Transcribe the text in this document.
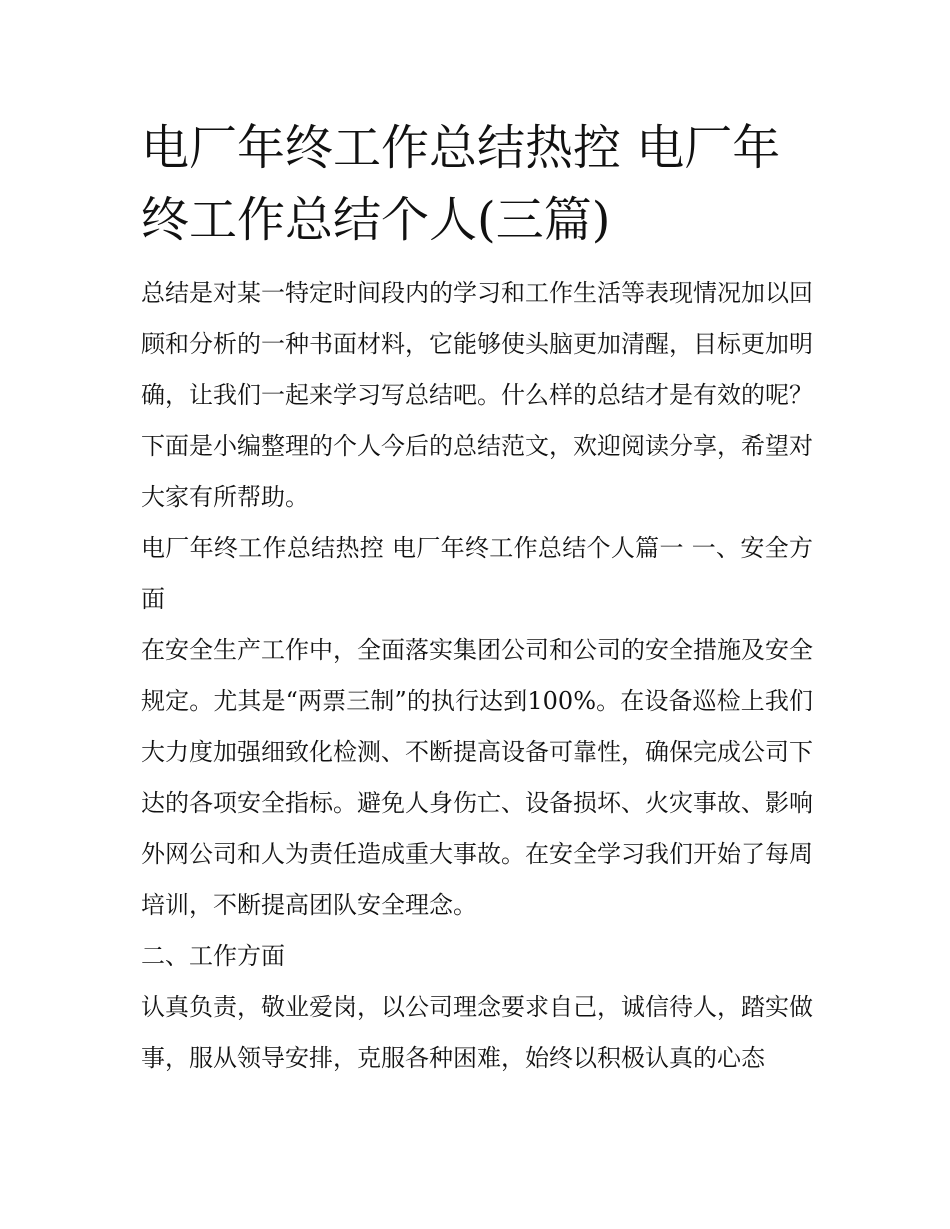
电厂年终工作总结热控 电厂年终工作总结个人(三篇)

总结是对某一特定时间段内的学习和工作生活等表现情况加以回顾和分析的一种书面材料，它能够使头脑更加清醒，目标更加明确，让我们一起来学习写总结吧。什么样的总结才是有效的呢？下面是小编整理的个人今后的总结范文，欢迎阅读分享，希望对大家有所帮助。

电厂年终工作总结热控 电厂年终工作总结个人篇一 一、安全方面

在安全生产工作中，全面落实集团公司和公司的安全措施及安全规定。尤其是“两票三制”的执行达到100%。在设备巡检上我们大力度加强细致化检测、不断提高设备可靠性，确保完成公司下达的各项安全指标。避免人身伤亡、设备损坏、火灾事故、影响外网公司和人为责任造成重大事故。在安全学习我们开始了每周培训，不断提高团队安全理念。

二、工作方面

认真负责，敬业爱岗，以公司理念要求自己，诚信待人，踏实做事，服从领导安排，克服各种困难，始终以积极认真的心态
